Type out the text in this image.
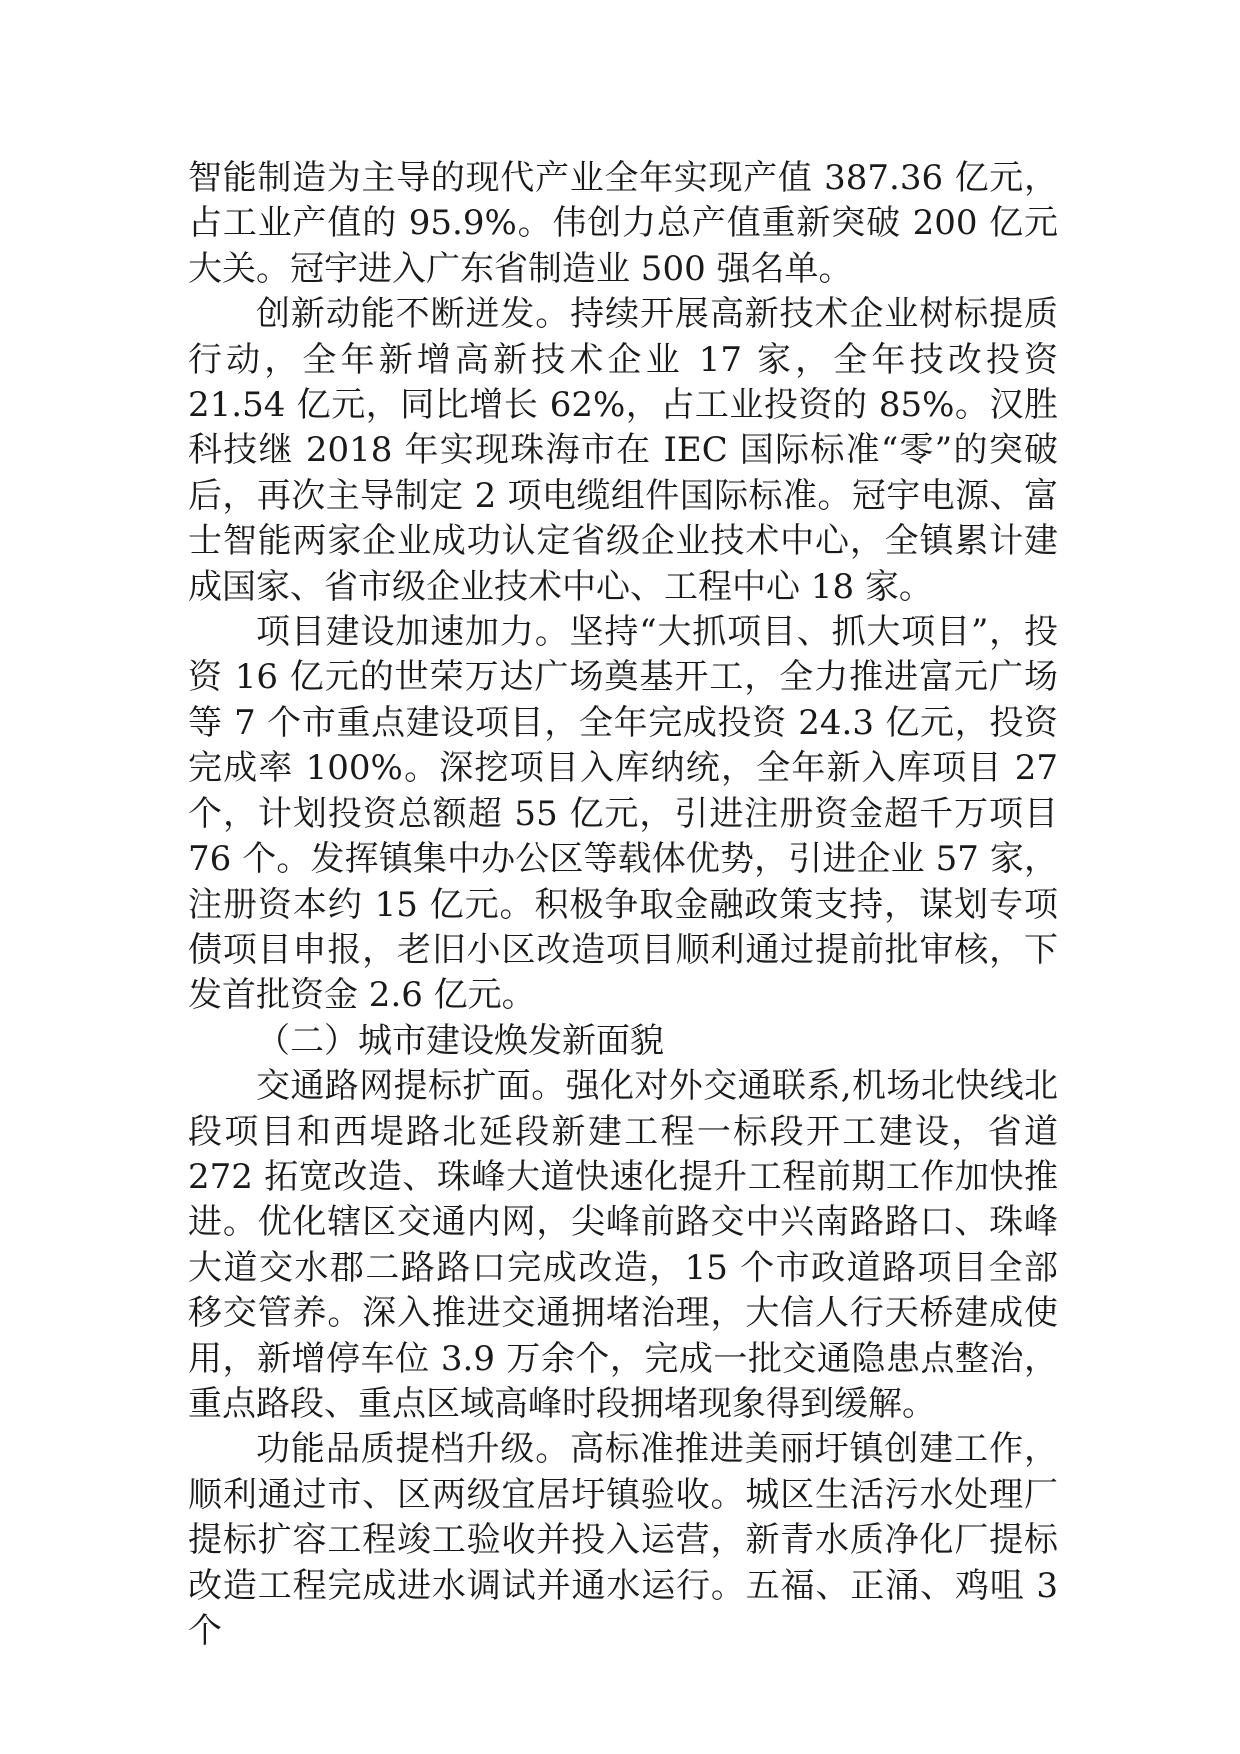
智能制造为主导的现代产业全年实现产值 387.36 亿元，占工业产值的 95.9%。伟创力总产值重新突破 200 亿元大关。冠宇进入广东省制造业 500 强名单。

创新动能不断迸发。持续开展高新技术企业树标提质行动，全年新增高新技术企业 17 家，全年技改投资 21.54 亿元，同比增长 62%，占工业投资的 85%。汉胜科技继 2018 年实现珠海市在 IEC 国际标准“零”的突破后，再次主导制定 2 项电缆组件国际标准。冠宇电源、富士智能两家企业成功认定省级企业技术中心，全镇累计建成国家、省市级企业技术中心、工程中心 18 家。

项目建设加速加力。坚持“大抓项目、抓大项目”，投资 16 亿元的世荣万达广场奠基开工，全力推进富元广场等 7 个市重点建设项目，全年完成投资 24.3 亿元，投资完成率 100%。深挖项目入库纳统，全年新入库项目 27 个，计划投资总额超 55 亿元，引进注册资金超千万项目 76 个。发挥镇集中办公区等载体优势，引进企业 57 家，注册资本约 15 亿元。积极争取金融政策支持，谋划专项债项目申报，老旧小区改造项目顺利通过提前批审核，下发首批资金 2.6 亿元。

（二）城市建设焕发新面貌

交通路网提标扩面。强化对外交通联系,机场北快线北段项目和西堤路北延段新建工程一标段开工建设，省道 272 拓宽改造、珠峰大道快速化提升工程前期工作加快推进。优化辖区交通内网，尖峰前路交中兴南路路口、珠峰大道交水郡二路路口完成改造，15 个市政道路项目全部移交管养。深入推进交通拥堵治理，大信人行天桥建成使用，新增停车位 3.9 万余个，完成一批交通隐患点整治，重点路段、重点区域高峰时段拥堵现象得到缓解。

功能品质提档升级。高标准推进美丽圩镇创建工作，顺利通过市、区两级宜居圩镇验收。城区生活污水处理厂提标扩容工程竣工验收并投入运营，新青水质净化厂提标改造工程完成进水调试并通水运行。五福、正涌、鸡咀 3 个
